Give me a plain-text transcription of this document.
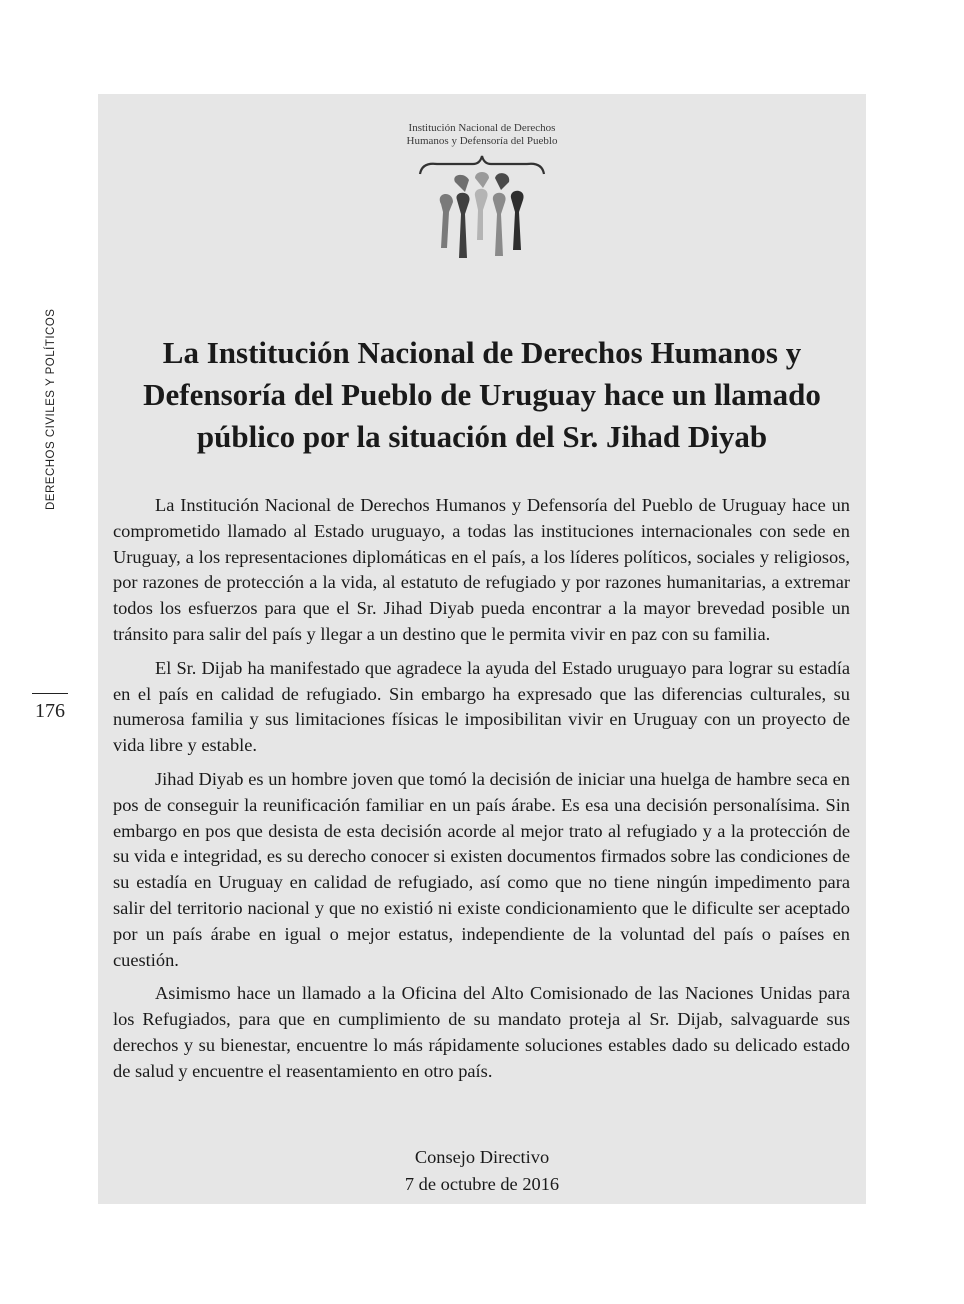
DERECHOS CIVILES Y POLÍTICOS
176
Institución Nacional de Derechos
Humanos y Defensoría del Pueblo
La Institución Nacional de Derechos Humanos y Defensoría del Pueblo de Uruguay hace un llamado público por la situación del Sr. Jihad Diyab

La Institución Nacional de Derechos Humanos y Defensoría del Pueblo de Uruguay hace un comprometido llamado al Estado uruguayo, a todas las instituciones internacionales con sede en Uruguay, a los representaciones diplomáticas en el país, a los líderes políticos, sociales y religiosos, por razones de protección a la vida, al estatuto de refugiado y por razones humanitarias, a extremar todos los esfuerzos para que el Sr. Jihad Diyab pueda encontrar a la mayor brevedad posible un tránsito para salir del país y llegar a un destino que le permita vivir en paz con su familia.

El Sr. Dijab ha manifestado que agradece la ayuda del Estado uruguayo para lograr su estadía en el país en calidad de refugiado. Sin embargo ha expresado que las diferencias culturales, su numerosa familia y sus limitaciones físicas le imposibilitan vivir en Uruguay con un proyecto de vida libre y estable.

Jihad Diyab es un hombre joven que tomó la decisión de iniciar una huelga de hambre seca en pos de conseguir la reunificación familiar en un país árabe. Es esa una decisión personalísima. Sin embargo en pos que desista de esta decisión acorde al mejor trato al refugiado y a la protección de su vida e integridad, es su derecho conocer si existen documentos firmados sobre las condiciones de su estadía en Uruguay en calidad de refugiado, así como que no tiene ningún impedimento para salir del territorio nacional y que no existió ni existe condicionamiento que le dificulte ser aceptado por un país árabe en igual o mejor estatus, independiente de la voluntad del país o países en cuestión.

Asimismo hace un llamado a la Oficina del Alto Comisionado de las Naciones Unidas para los Refugiados, para que en cumplimiento de su mandato proteja al Sr. Dijab, salvaguarde sus derechos y su bienestar, encuentre lo más rápidamente soluciones estables dado su delicado estado de salud y encuentre el reasentamiento en otro país.

Consejo Directivo
7 de octubre de 2016
